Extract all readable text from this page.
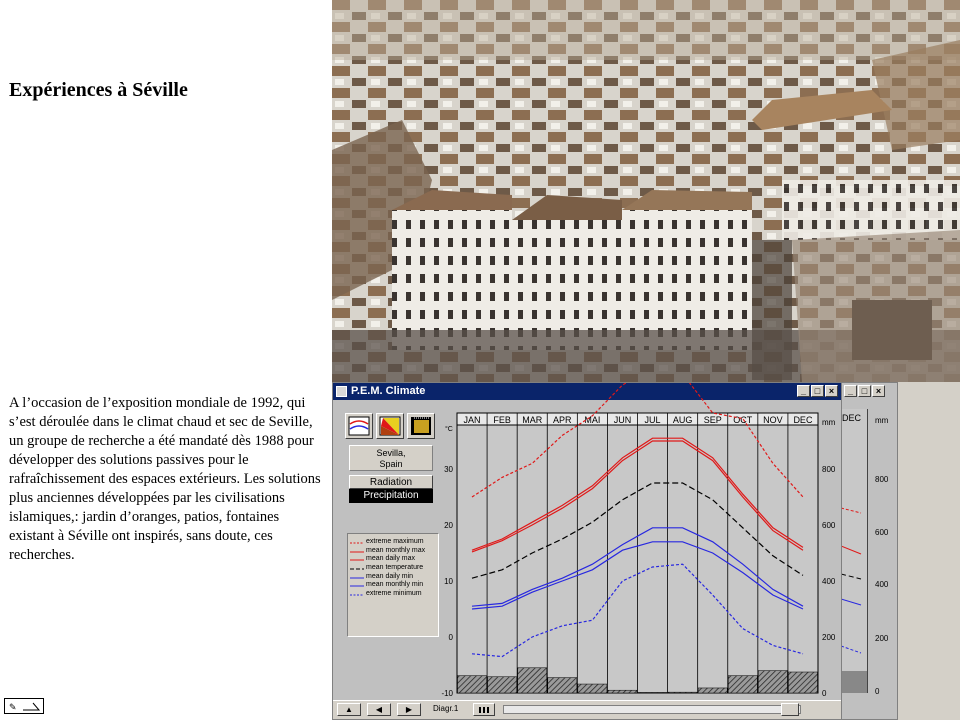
Expériences à Séville

A l’occasion de l’exposition mondiale de 1992, qui s’est déroulée dans le climat chaud et sec de Seville, un groupe de recherche a été mandaté dès 1988 pour développer des solutions passives pour le rafraîchissement des espaces extérieurs. Les solutions plus anciennes développées par les civilisations islamiques,: jardin d’oranges, patios, fontaines existant à Séville ont inspirés, sans doute, ces recherches.

_ □ ×
DEC mm
800
600
400
200
0
P.E.M. Climate	_ □ ×
Sevilla,
Spain
Radiation
Precipitation
extreme maximum
mean monthly max
mean daily max
mean temperature
mean daily min
mean monthly min
extreme minimum
JAN FEB MAR APR MAI JUN JUL AUG SEP OCT NOV DEC
°C
-10
0
10
20
30
mm
0
200
400
600
800
▲	◀	▶	Diagr.1
✎
